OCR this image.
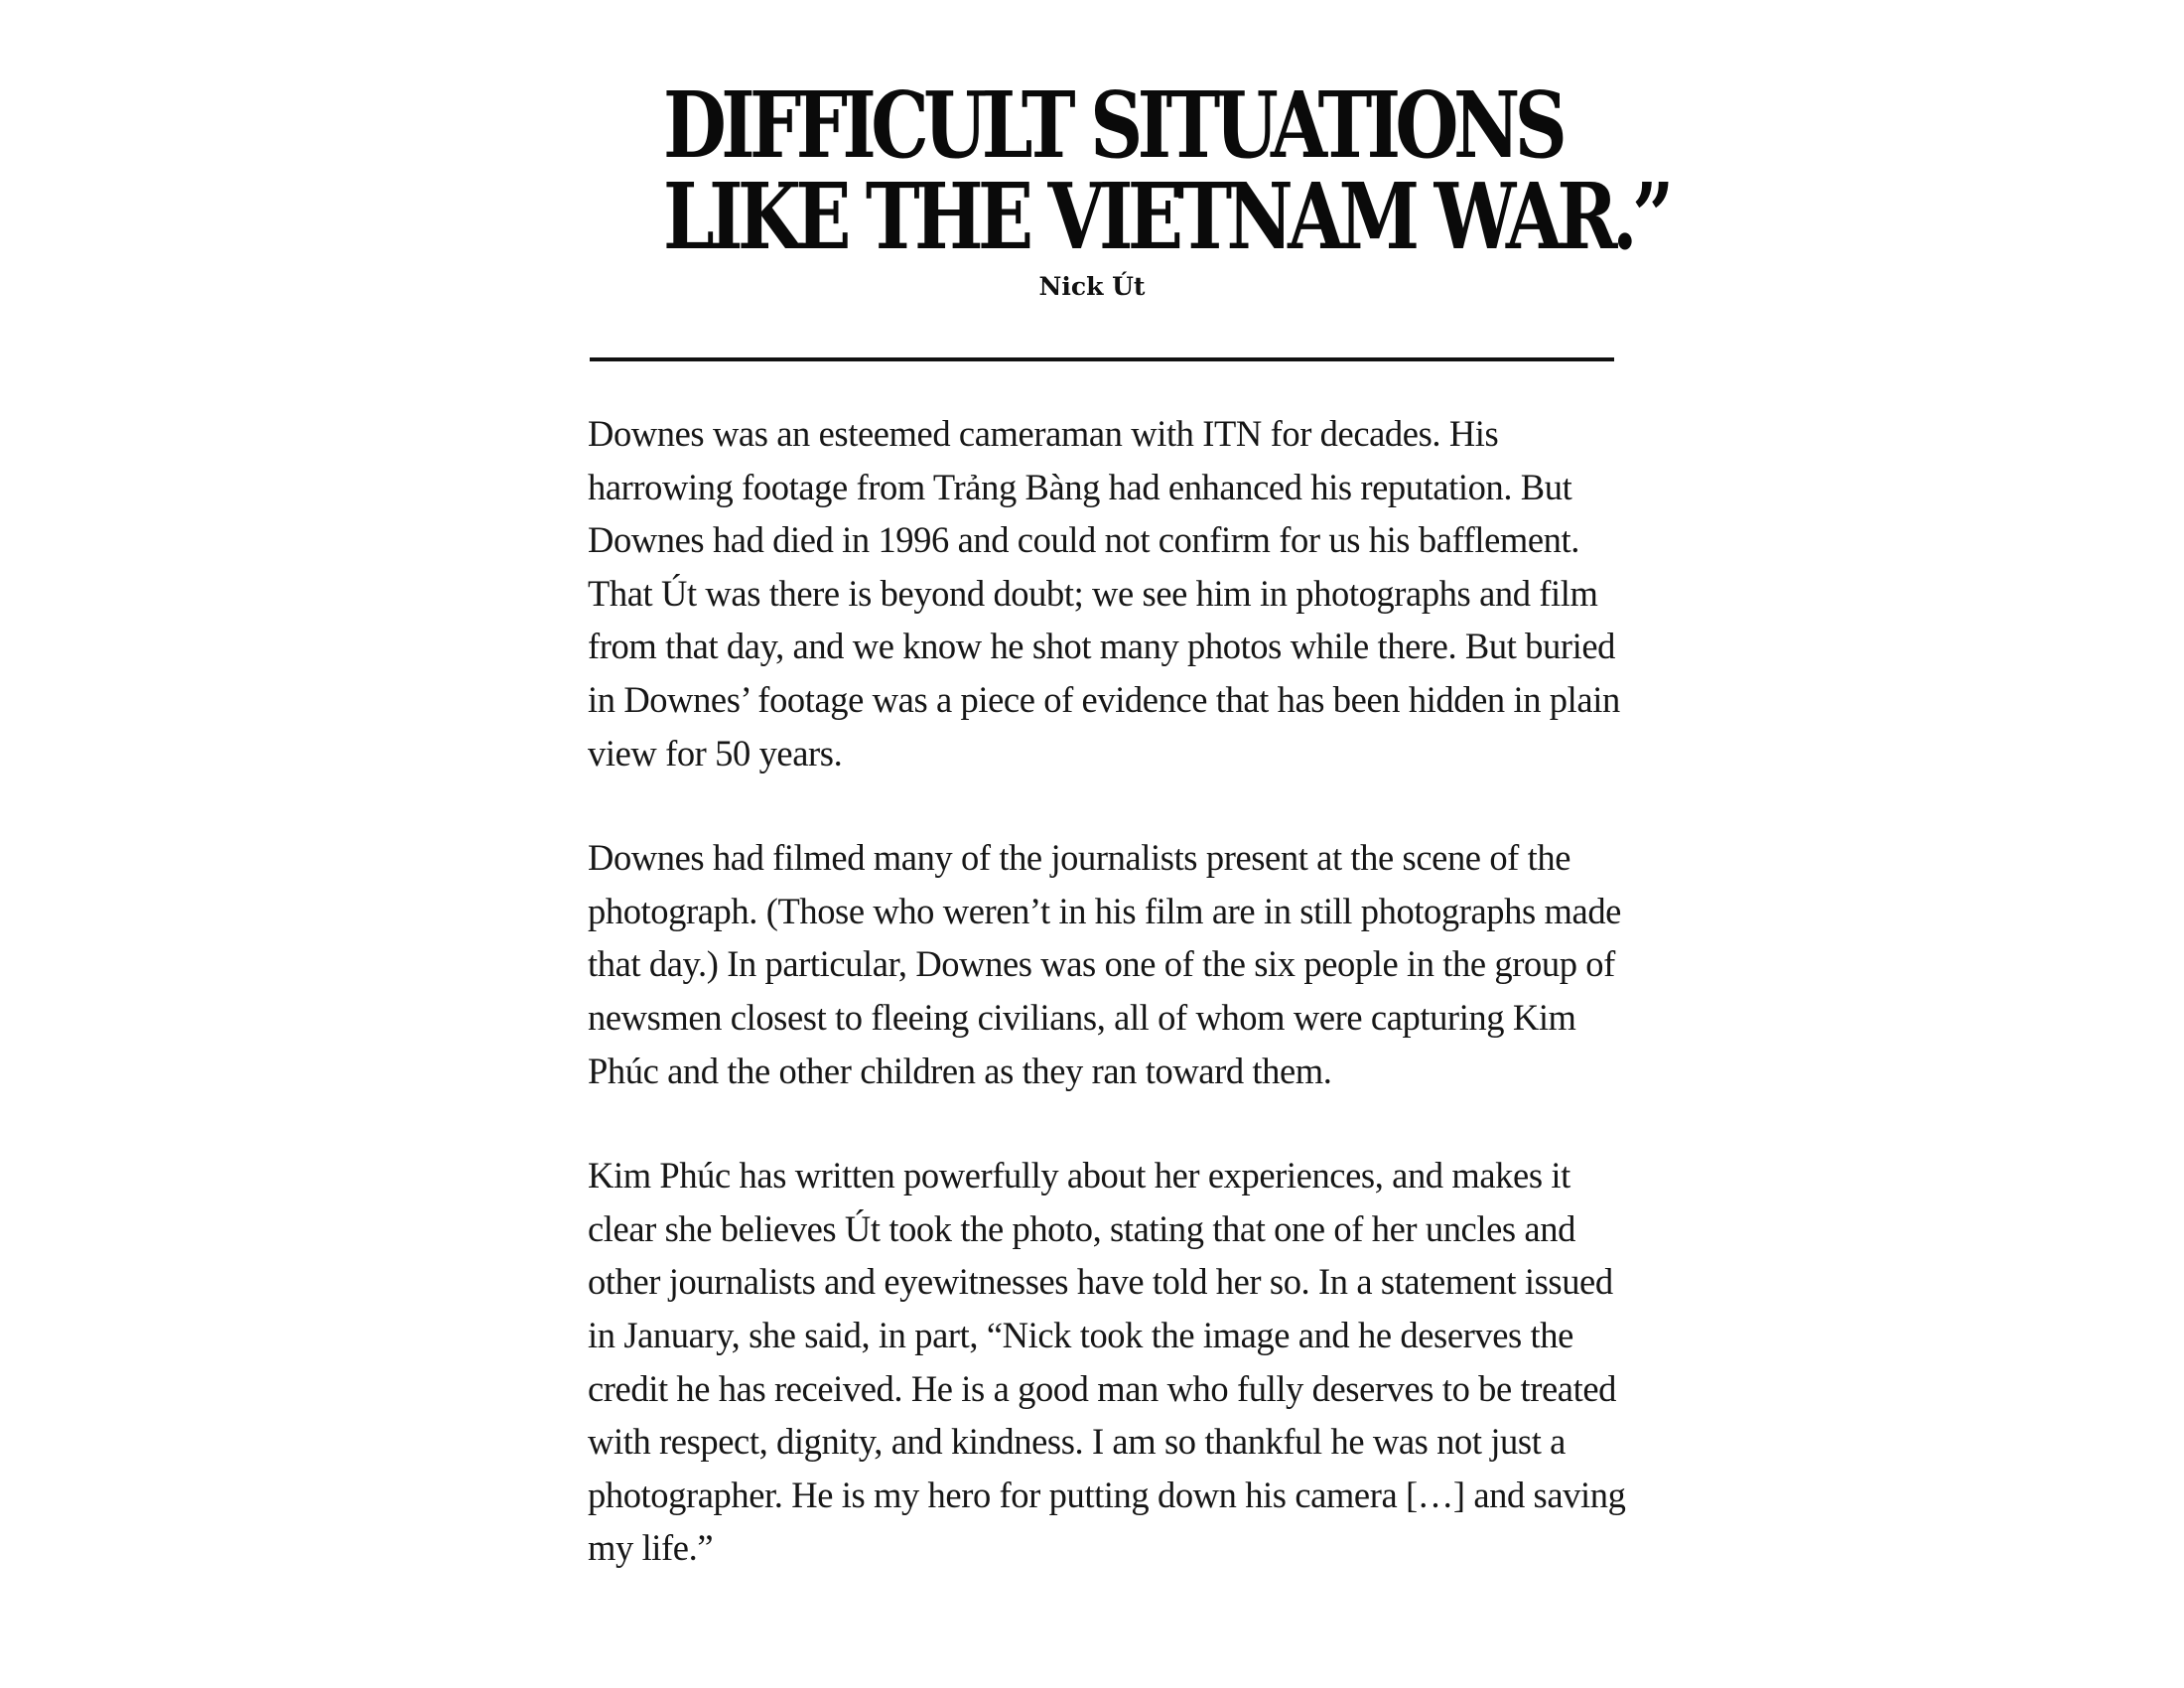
DIFFICULT SITUATIONS
LIKE THE VIETNAM WAR.”
Nick Út

Downes was an esteemed cameraman with ITN for decades. His harrowing footage from Trảng Bàng had enhanced his reputation. But Downes had died in 1996 and could not confirm for us his bafflement. That Út was there is beyond doubt; we see him in photographs and film from that day, and we know he shot many photos while there. But buried in Downes’ footage was a piece of evidence that has been hidden in plain view for 50 years.

Downes had filmed many of the journalists present at the scene of the photograph. (Those who weren’t in his film are in still photographs made that day.) In particular, Downes was one of the six people in the group of newsmen closest to fleeing civilians, all of whom were capturing Kim Phúc and the other children as they ran toward them.

Kim Phúc has written powerfully about her experiences, and makes it clear she believes Út took the photo, stating that one of her uncles and other journalists and eyewitnesses have told her so. In a statement issued in January, she said, in part, “Nick took the image and he deserves the credit he has received. He is a good man who fully deserves to be treated with respect, dignity, and kindness. I am so thankful he was not just a photographer. He is my hero for putting down his camera […] and saving my life.”
